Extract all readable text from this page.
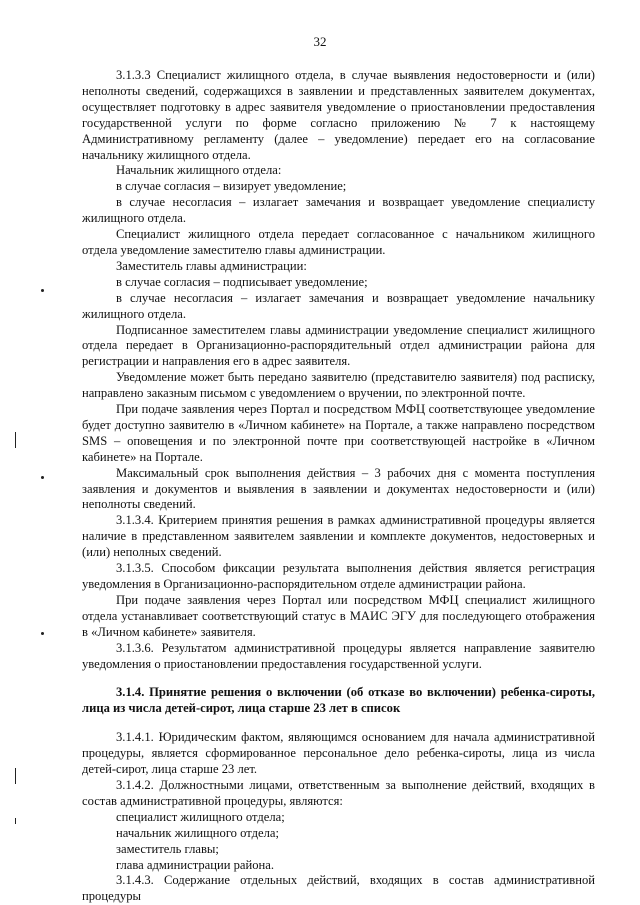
32

3.1.3.3 Специалист жилищного отдела, в случае выявления недостоверности и (или) неполноты сведений, содержащихся в заявлении и представленных заявителем документах, осуществляет подготовку в адрес заявителя уведомление о приостановлении предоставления государственной услуги по форме согласно приложению № 7 к настоящему Административному регламенту (далее – уведомление) передает его на согласование начальнику жилищного отдела.

Начальник жилищного отдела:

в случае согласия – визирует уведомление;

в случае несогласия – излагает замечания и возвращает уведомление специалисту жилищного отдела.

Специалист жилищного отдела передает согласованное с начальником жилищного отдела уведомление заместителю главы администрации.

Заместитель главы администрации:

в случае согласия – подписывает уведомление;

в случае несогласия – излагает замечания и возвращает уведомление начальнику жилищного отдела.

Подписанное заместителем главы администрации уведомление специалист жилищного отдела передает в Организационно-распорядительный отдел администрации района для регистрации и направления его в адрес заявителя.

Уведомление может быть передано заявителю (представителю заявителя) под расписку, направлено заказным письмом с уведомлением о вручении, по электронной почте.

При подаче заявления через Портал и посредством МФЦ соответствующее уведомление будет доступно заявителю в «Личном кабинете» на Портале, а также направлено посредством SMS – оповещения и по электронной почте при соответствующей настройке в «Личном кабинете» на Портале.

Максимальный срок выполнения действия – 3 рабочих дня с момента поступления заявления и документов и выявления в заявлении и документах недостоверности и (или) неполноты сведений.

3.1.3.4. Критерием принятия решения в рамках административной процедуры является наличие в представленном заявителем заявлении и комплекте документов, недостоверных и (или) неполных сведений.

3.1.3.5. Способом фиксации результата выполнения действия является регистрация уведомления в Организационно-распорядительном отделе администрации района.

При подаче заявления через Портал или посредством МФЦ специалист жилищного отдела устанавливает соответствующий статус в МАИС ЭГУ для последующего отображения в «Личном кабинете» заявителя.

3.1.3.6. Результатом административной процедуры является направление заявителю уведомления о приостановлении предоставления государственной услуги.

3.1.4. Принятие решения о включении (об отказе во включении) ребенка-сироты, лица из числа детей-сирот, лица старше 23 лет в список

3.1.4.1. Юридическим фактом, являющимся основанием для начала административной процедуры, является сформированное персональное дело ребенка-сироты, лица из числа детей-сирот, лица старше 23 лет.

3.1.4.2. Должностными лицами, ответственным за выполнение действий, входящих в состав административной процедуры, являются:

специалист жилищного отдела;

начальник жилищного отдела;

заместитель главы;

глава администрации района.

3.1.4.3. Содержание отдельных действий, входящих в состав административной процедуры
